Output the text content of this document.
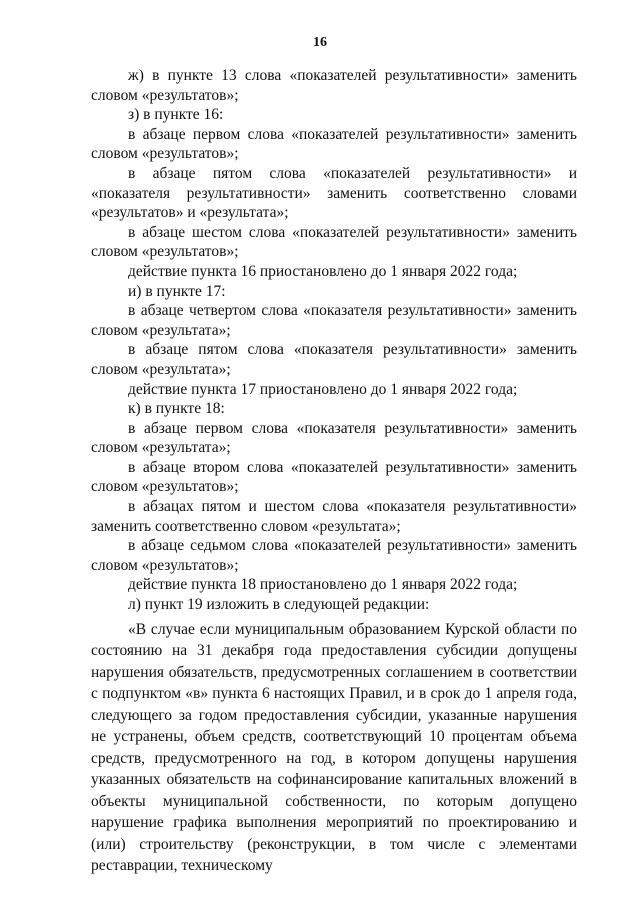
16

ж) в пункте 13 слова «показателей результативности» заменить словом «результатов»;

з) в пункте 16:

в абзаце первом слова «показателей результативности» заменить словом «результатов»;

в абзаце пятом слова «показателей результативности» и «показателя результативности» заменить соответственно словами «результатов» и «результата»;

в абзаце шестом слова «показателей результативности» заменить словом «результатов»;

действие пункта 16 приостановлено до 1 января 2022 года;

и) в пункте 17:

в абзаце четвертом слова «показателя результативности» заменить словом «результата»;

в абзаце пятом слова «показателя результативности» заменить словом «результата»;

действие пункта 17 приостановлено до 1 января 2022 года;

к) в пункте 18:

в абзаце первом слова «показателя результативности» заменить словом «результата»;

в абзаце втором слова «показателей результативности» заменить словом «результатов»;

в абзацах пятом и шестом слова «показателя результативности» заменить соответственно словом «результата»;

в абзаце седьмом слова «показателей результативности» заменить словом «результатов»;

действие пункта 18 приостановлено до 1 января 2022 года;

л) пункт 19 изложить в следующей редакции:

«В случае если муниципальным образованием Курской области по состоянию на 31 декабря года предоставления субсидии допущены нарушения обязательств, предусмотренных соглашением в соответствии с подпунктом «в» пункта 6 настоящих Правил, и в срок до 1 апреля года, следующего за годом предоставления субсидии, указанные нарушения не устранены, объем средств, соответствующий 10 процентам объема средств, предусмотренного на год, в котором допущены нарушения указанных обязательств на софинансирование капитальных вложений в объекты муниципальной собственности, по которым допущено нарушение графика выполнения мероприятий по проектированию и (или) строительству (реконструкции, в том числе с элементами реставрации, техническому
